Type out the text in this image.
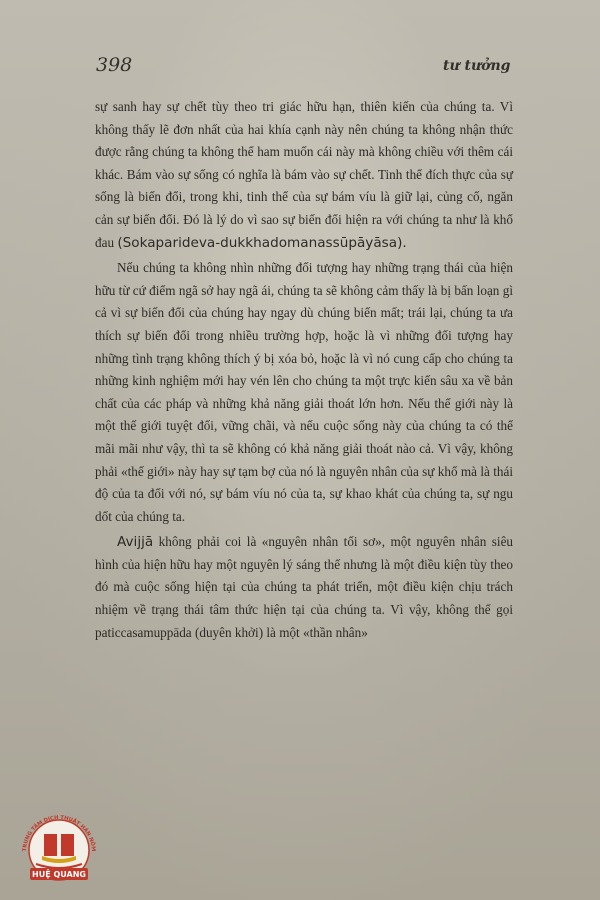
398	tư tưởng

sự sanh hay sự chết tùy theo tri giác hữu hạn, thiên kiến của chúng ta. Vì không thấy lẽ đơn nhất của hai khía cạnh này nên chúng ta không nhận thức được rằng chúng ta không thể ham muốn cái này mà không chiều với thêm cái khác. Bám vào sự sống có nghĩa là bám vào sự chết. Tinh thể đích thực của sự sống là biến đổi, trong khi, tinh thể của sự bám víu là giữ lại, củng cố, ngăn cản sự biến đổi. Đó là lý do vì sao sự biến đổi hiện ra với chúng ta như là khổ đau (Sokaparideva-dukkhadomanassūpāyāsa).

Nếu chúng ta không nhìn những đối tượng hay những trạng thái của hiện hữu từ cứ điểm ngã sở hay ngã ái, chúng ta sẽ không cảm thấy là bị bấn loạn gì cả vì sự biến đổi của chúng hay ngay dù chúng biến mất; trái lại, chúng ta ưa thích sự biến đổi trong nhiều trường hợp, hoặc là vì những đối tượng hay những tình trạng không thích ý bị xóa bỏ, hoặc là vì nó cung cấp cho chúng ta những kinh nghiệm mới hay vén lên cho chúng ta một trực kiến sâu xa về bản chất của các pháp và những khả năng giải thoát lớn hơn. Nếu thế giới này là một thế giới tuyệt đối, vững chãi, và nếu cuộc sống này của chúng ta có thể mãi mãi như vậy, thì ta sẽ không có khả năng giải thoát nào cả. Vì vậy, không phải «thế giới» này hay sự tạm bợ của nó là nguyên nhân của sự khổ mà là thái độ của ta đối với nó, sự bám víu nó của ta, sự khao khát của chúng ta, sự ngu dốt của chúng ta.

Avijjā không phải coi là «nguyên nhân tối sơ», một nguyên nhân siêu hình của hiện hữu hay một nguyên lý sáng thế nhưng là một điều kiện tùy theo đó mà cuộc sống hiện tại của chúng ta phát triển, một điều kiện chịu trách nhiệm về trạng thái tâm thức hiện tại của chúng ta. Vì vậy, không thể gọi paticcasamuppāda (duyên khởi) là một «thần nhân»

TRUNG TÂM DỊCH THUẬT HÁN NÔM
HUỆ QUANG
